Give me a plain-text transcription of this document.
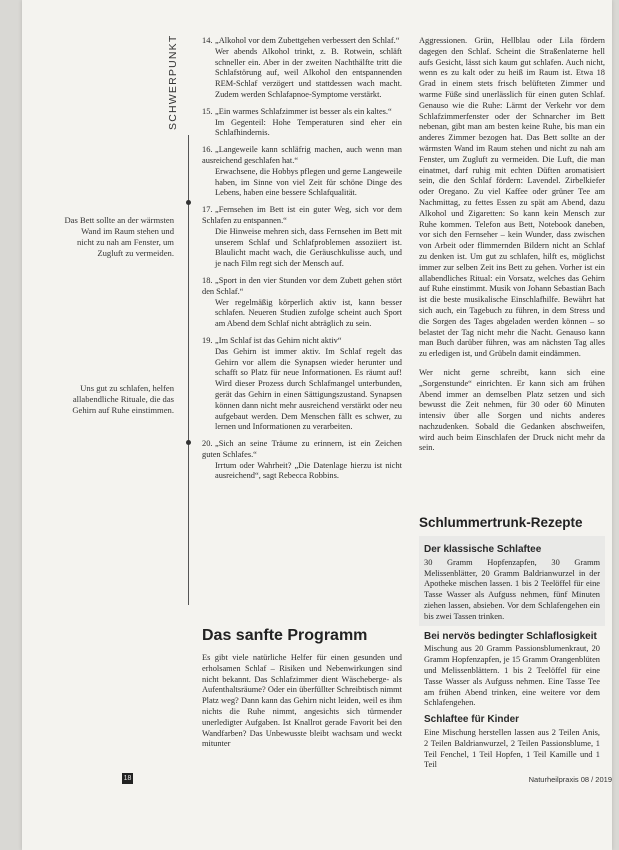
SCHWERPUNKT
Das Bett sollte an der wärmsten Wand im Raum stehen und nicht zu nah am Fenster, um Zugluft zu vermeiden.
Uns gut zu schlafen, helfen allabendliche Rituale, die das Gehirn auf Ruhe einstimmen.
14. „Alkohol vor dem Zubettgehen verbessert den Schlaf.“
Wer abends Alkohol trinkt, z. B. Rotwein, schläft schneller ein. Aber in der zweiten Nachthälfte tritt die Schlafstörung auf, weil Alkohol den entspannenden REM-Schlaf verzögert und stattdessen wach macht. Zudem werden Schlafapnoe-Symptome verstärkt.
15. „Ein warmes Schlafzimmer ist besser als ein kaltes.“
Im Gegenteil: Hohe Temperaturen sind eher ein Schlafhindernis.
16. „Langeweile kann schläfrig machen, auch wenn man ausreichend geschlafen hat.“
Erwachsene, die Hobbys pflegen und gerne Langeweile haben, im Sinne von viel Zeit für schöne Dinge des Lebens, haben eine bessere Schlafqualität.
17. „Fernsehen im Bett ist ein guter Weg, sich vor dem Schlafen zu entspannen.“
Die Hinweise mehren sich, dass Fernsehen im Bett mit unserem Schlaf und Schlafproblemen assoziiert ist. Blaulicht macht wach, die Geräuschkulisse auch, und je nach Film regt sich der Mensch auf.
18. „Sport in den vier Stunden vor dem Zubett gehen stört den Schlaf.“
Wer regelmäßig körperlich aktiv ist, kann besser schlafen. Neueren Studien zufolge scheint auch Sport am Abend dem Schlaf nicht abträglich zu sein.
19. „Im Schlaf ist das Gehirn nicht aktiv“
Das Gehirn ist immer aktiv. Im Schlaf regelt das Gehirn vor allem die Synapsen wieder herunter und schafft so Platz für neue Informationen. Es räumt auf! Wird dieser Prozess durch Schlafmangel unterbunden, gerät das Gehirn in einen Sättigungszustand. Synapsen können dann nicht mehr ausreichend verstärkt oder neu aufgebaut werden. Dem Menschen fällt es schwer, zu lernen und Informationen zu verarbeiten.
20. „Sich an seine Träume zu erinnern, ist ein Zeichen guten Schlafes.“
Irrtum oder Wahrheit? „Die Datenlage hierzu ist nicht ausreichend“, sagt Rebecca Robbins.
Das sanfte Programm
Es gibt viele natürliche Helfer für einen gesunden und erholsamen Schlaf – Risiken und Nebenwirkungen sind nicht bekannt. Das Schlafzimmer dient Wäscheberge- als Aufenthaltsräume? Oder ein überfüllter Schreibtisch nimmt Platz weg? Dann kann das Gehirn nicht leiden, weil es ihm nichts die Ruhe nimmt, angesichts sich türmender unerledigter Aufgaben. Ist Knallrot gerade Favorit bei den Wandfarben? Das Unbewusste bleibt wachsam und weckt mitunter
Aggressionen. Grün, Hellblau oder Lila fördern dagegen den Schlaf. Scheint die Straßenlaterne hell aufs Gesicht, lässt sich kaum gut schlafen. Auch nicht, wenn es zu kalt oder zu heiß im Raum ist. Etwa 18 Grad in einem stets frisch belüfteten Zimmer und warme Füße sind unerlässlich für einen guten Schlaf. Genauso wie die Ruhe: Lärmt der Verkehr vor dem Schlafzimmerfenster oder der Schnarcher im Bett nebenan, gibt man am besten keine Ruhe, bis man ein anderes Zimmer bezogen hat. Das Bett sollte an der wärmsten Wand im Raum stehen und nicht zu nah am Fenster, um Zugluft zu vermeiden. Die Luft, die man einatmet, darf ruhig mit echten Düften aromatisiert sein, die den Schlaf fördern: Lavendel. Zirbelkiefer oder Oregano. Zu viel Kaffee oder grüner Tee am Nachmittag, zu fettes Essen zu spät am Abend, dazu Alkohol und Zigaretten: So kann kein Mensch zur Ruhe kommen. Telefon aus Bett, Notebook daneben, vor sich den Fernseher – kein Wunder, dass zwischen von Arbeit oder flimmernden Bildern nicht an Schlaf zu denken ist. Um gut zu schlafen, hilft es, möglichst immer zur selben Zeit ins Bett zu gehen. Vorher ist ein allabendliches Ritual: ein Vorsatz, welches das Gehirn auf Ruhe einstimmt. Musik von Johann Sebastian Bach ist die beste musikalische Einschlafhilfe. Bewährt hat sich auch, ein Tagebuch zu führen, in dem Stress und die Sorgen des Tages abgeladen werden können – so belastet der Tag nicht mehr die Nacht. Genauso kann man Buch darüber führen, was am nächsten Tag alles zu erledigen ist, und Grübeln damit eindämmen.
Wer nicht gerne schreibt, kann sich eine „Sorgenstunde“ einrichten. Er kann sich am frühen Abend immer an demselben Platz setzen und sich bewusst die Zeit nehmen, für 30 oder 60 Minuten intensiv über alle Sorgen und nichts anderes nachzudenken. Sobald die Gedanken abschweifen, wird auch beim Einschlafen der Druck nicht mehr da sein.
Schlummertrunk-Rezepte
Der klassische Schlaftee
30 Gramm Hopfenzapfen, 30 Gramm Melissenblätter, 20 Gramm Baldrianwurzel in der Apotheke mischen lassen. 1 bis 2 Teelöffel für eine Tasse Wasser als Aufguss nehmen, fünf Minuten ziehen lassen, absieben. Vor dem Schlafengehen ein bis zwei Tassen trinken.
Bei nervös bedingter Schlaflosigkeit
Mischung aus 20 Gramm Passionsblumenkraut, 20 Gramm Hopfenzapfen, je 15 Gramm Orangenblüten und Melissenblättern. 1 bis 2 Teelöffel für eine Tasse Wasser als Aufguss nehmen. Eine Tasse Tee am frühen Abend trinken, eine weitere vor dem Schlafengehen.
Schlaftee für Kinder
Eine Mischung herstellen lassen aus 2 Teilen Anis, 2 Teilen Baldrianwurzel, 2 Teilen Passionsblume, 1 Teil Fenchel, 1 Teil Hopfen, 1 Teil Kamille und 1 Teil
18	Naturheilpraxis 08 / 2019
